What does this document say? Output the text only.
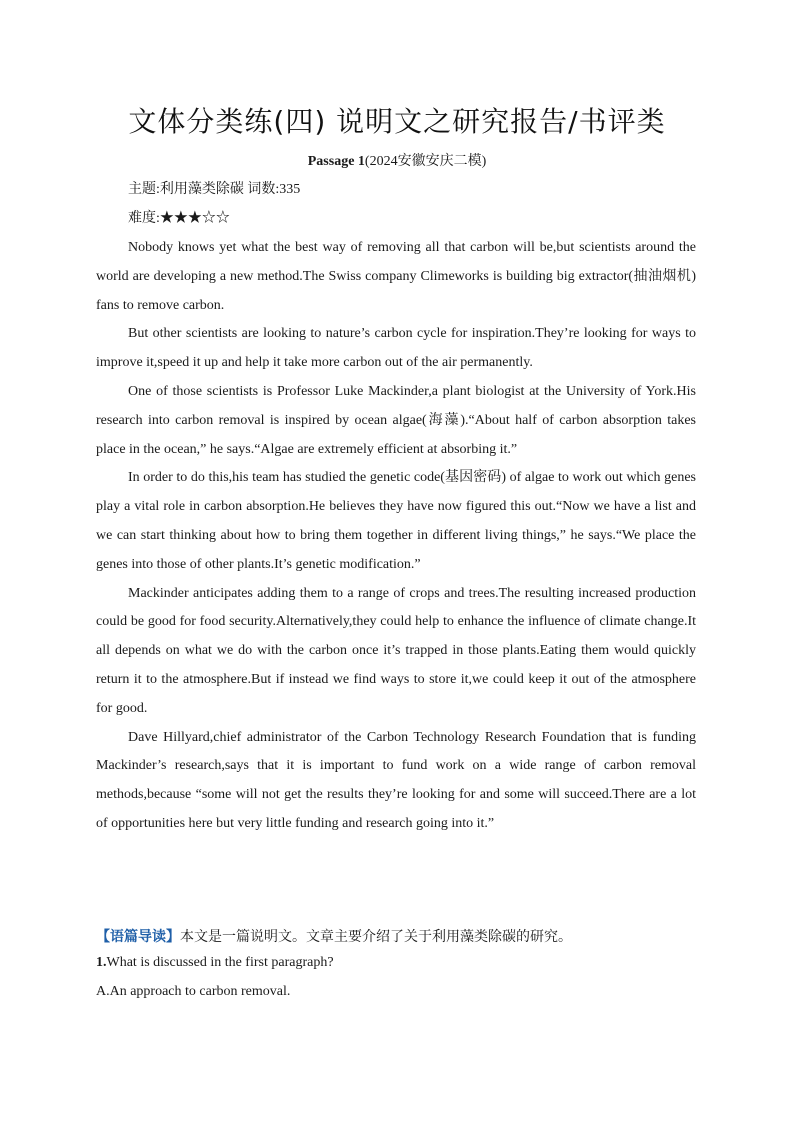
文体分类练(四) 说明文之研究报告/书评类
Passage 1(2024安徽安庆二模)
主题:利用藻类除碳 词数:335
难度:★★★☆☆

Nobody knows yet what the best way of removing all that carbon will be,but scientists around the world are developing a new method.The Swiss company Climeworks is building big extractor(抽油烟机) fans to remove carbon.

But other scientists are looking to nature’s carbon cycle for inspiration.They’re looking for ways to improve it,speed it up and help it take more carbon out of the air permanently.

One of those scientists is Professor Luke Mackinder,a plant biologist at the University of York.His research into carbon removal is inspired by ocean algae(海藻).“About half of carbon absorption takes place in the ocean,” he says.“Algae are extremely efficient at absorbing it.”

In order to do this,his team has studied the genetic code(基因密码) of algae to work out which genes play a vital role in carbon absorption.He believes they have now figured this out.“Now we have a list and we can start thinking about how to bring them together in different living things,” he says.“We place the genes into those of other plants.It’s genetic modification.”

Mackinder anticipates adding them to a range of crops and trees.The resulting increased production could be good for food security.Alternatively,they could help to enhance the influence of climate change.It all depends on what we do with the carbon once it’s trapped in those plants.Eating them would quickly return it to the atmosphere.But if instead we find ways to store it,we could keep it out of the atmosphere for good.

Dave Hillyard,chief administrator of the Carbon Technology Research Foundation that is funding Mackinder’s research,says that it is important to fund work on a wide range of carbon removal methods,because “some will not get the results they’re looking for and some will succeed.There are a lot of opportunities here but very little funding and research going into it.”

【语篇导读】本文是一篇说明文。文章主要介绍了关于利用藻类除碳的研究。
1.What is discussed in the first paragraph?
A.An approach to carbon removal.
